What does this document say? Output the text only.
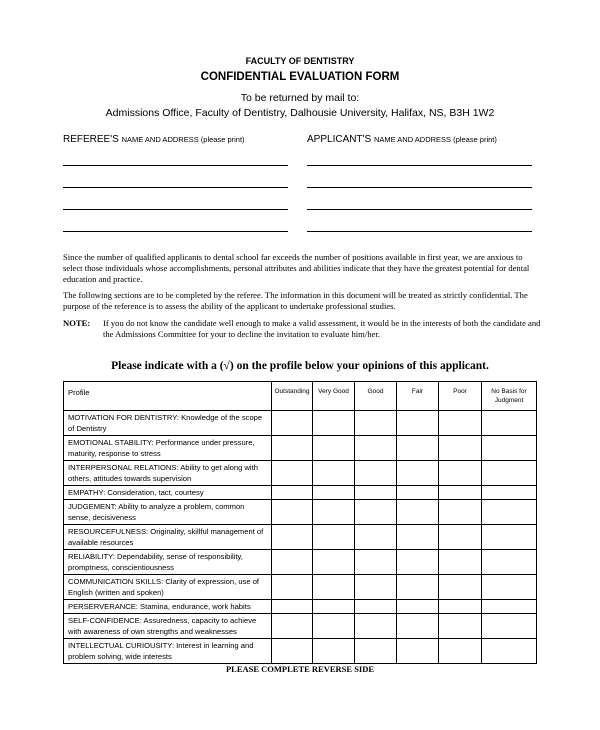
FACULTY OF DENTISTRY
CONFIDENTIAL EVALUATION FORM
To be returned by mail to:
Admissions Office, Faculty of Dentistry, Dalhousie University, Halifax, NS, B3H 1W2
REFEREE'S NAME AND ADDRESS (please print)	APPLICANT'S NAME AND ADDRESS (please print)
Since the number of qualified applicants to dental school far exceeds the number of positions available in first year, we are anxious to select those individuals whose accomplishments, personal attributes and abilities indicate that they have the greatest potential for dental education and practice.
The following sections are to be completed by the referee. The information in this document will be treated as strictly confidential. The purpose of the reference is to assess the ability of the applicant to undertake professional studies.
NOTE:	If you do not know the candidate well enough to make a valid assessment, it would be in the interests of both the candidate and the Admissions Committee for your to decline the invitation to evaluate him/her.
Please indicate with a (√) on the profile below your opinions of this applicant.
Profile	Outstanding	Very Good	Good	Fair	Poor	No Basis for Judgment
MOTIVATION FOR DENTISTRY: Knowledge of the scope of Dentistry						
EMOTIONAL STABILITY: Performance under pressure, maturity, response to stress						
INTERPERSONAL RELATIONS: Ability to get along with others, attitudes towards supervision						
EMPATHY: Consideration, tact, courtesy						
JUDGEMENT: Ability to analyze a problem, common sense, decisiveness						
RESOURCEFULNESS: Originality, skillful management of available resources						
RELIABILITY: Dependability, sense of responsibility, promptness, conscientiousness						
COMMUNICATION SKILLS: Clarity of expression, use of English (written and spoken)						
PERSERVERANCE: Stamina, endurance, work habits						
SELF-CONFIDENCE: Assuredness, capacity to achieve with awareness of own strengths and weaknesses						
INTELLECTUAL CURIOUSITY: Interest in learning and problem solving, wide interests						
PLEASE COMPLETE REVERSE SIDE
